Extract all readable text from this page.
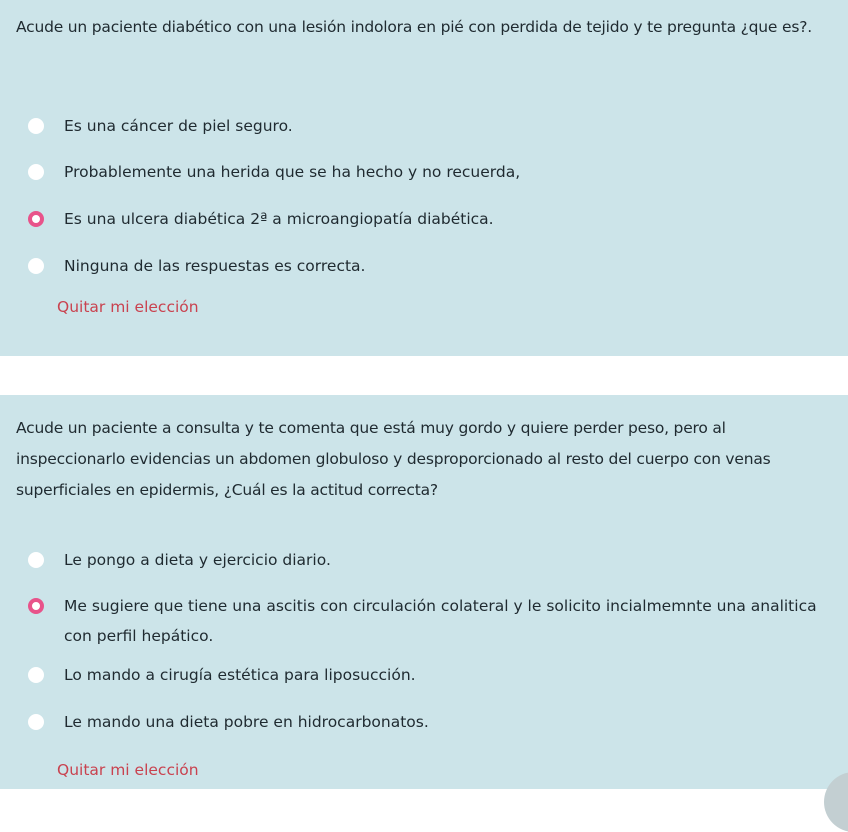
Acude un paciente diabético con una lesión indolora en pié con perdida de tejido y te pregunta ¿que es?.
Es una cáncer de piel seguro.
Probablemente una herida que se ha hecho y no recuerda,
Es una ulcera diabética 2ª a microangiopatía diabética.
Ninguna de las respuestas es correcta.
Quitar mi elección
Acude un paciente a consulta y te comenta que está muy gordo y quiere perder peso, pero al inspeccionarlo evidencias un abdomen globuloso y desproporcionado al resto del cuerpo con venas superficiales en epidermis, ¿Cuál es la actitud correcta?
Le pongo a dieta y ejercicio diario.
Me sugiere que tiene una ascitis con circulación colateral y le solicito incialmemnte una analitica con perfil hepático.
Lo mando a cirugía estética para liposucción.
Le mando una dieta pobre en hidrocarbonatos.
Quitar mi elección
